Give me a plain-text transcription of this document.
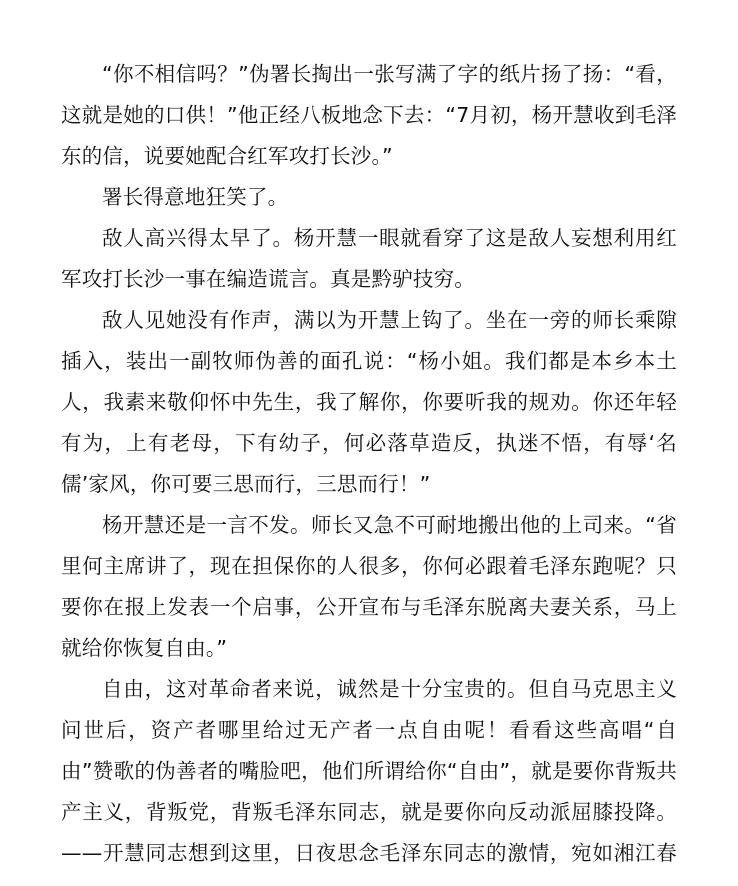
“你不相信吗？”伪署长掏出一张写满了字的纸片扬了扬：“看，
这就是她的口供！”他正经八板地念下去：“7月初，杨开慧收到毛泽
东的信，说要她配合红军攻打长沙。”
署长得意地狂笑了。
敌人高兴得太早了。杨开慧一眼就看穿了这是敌人妄想利用红
军攻打长沙一事在编造谎言。真是黔驴技穷。
敌人见她没有作声，满以为开慧上钩了。坐在一旁的师长乘隙
插入，装出一副牧师伪善的面孔说：“杨小姐。我们都是本乡本土
人，我素来敬仰怀中先生，我了解你，你要听我的规劝。你还年轻
有为，上有老母，下有幼子，何必落草造反，执迷不悟，有辱‘名
儒’家风，你可要三思而行，三思而行！”
杨开慧还是一言不发。师长又急不可耐地搬出他的上司来。“省
里何主席讲了，现在担保你的人很多，你何必跟着毛泽东跑呢？只
要你在报上发表一个启事，公开宣布与毛泽东脱离夫妻关系，马上
就给你恢复自由。”
自由，这对革命者来说，诚然是十分宝贵的。但自马克思主义
问世后，资产者哪里给过无产者一点自由呢！看看这些高唱“自
由”赞歌的伪善者的嘴脸吧，他们所谓给你“自由”，就是要你背叛共
产主义，背叛党，背叛毛泽东同志，就是要你向反动派屈膝投降。
——开慧同志想到这里，日夜思念毛泽东同志的激情，宛如湘江春
